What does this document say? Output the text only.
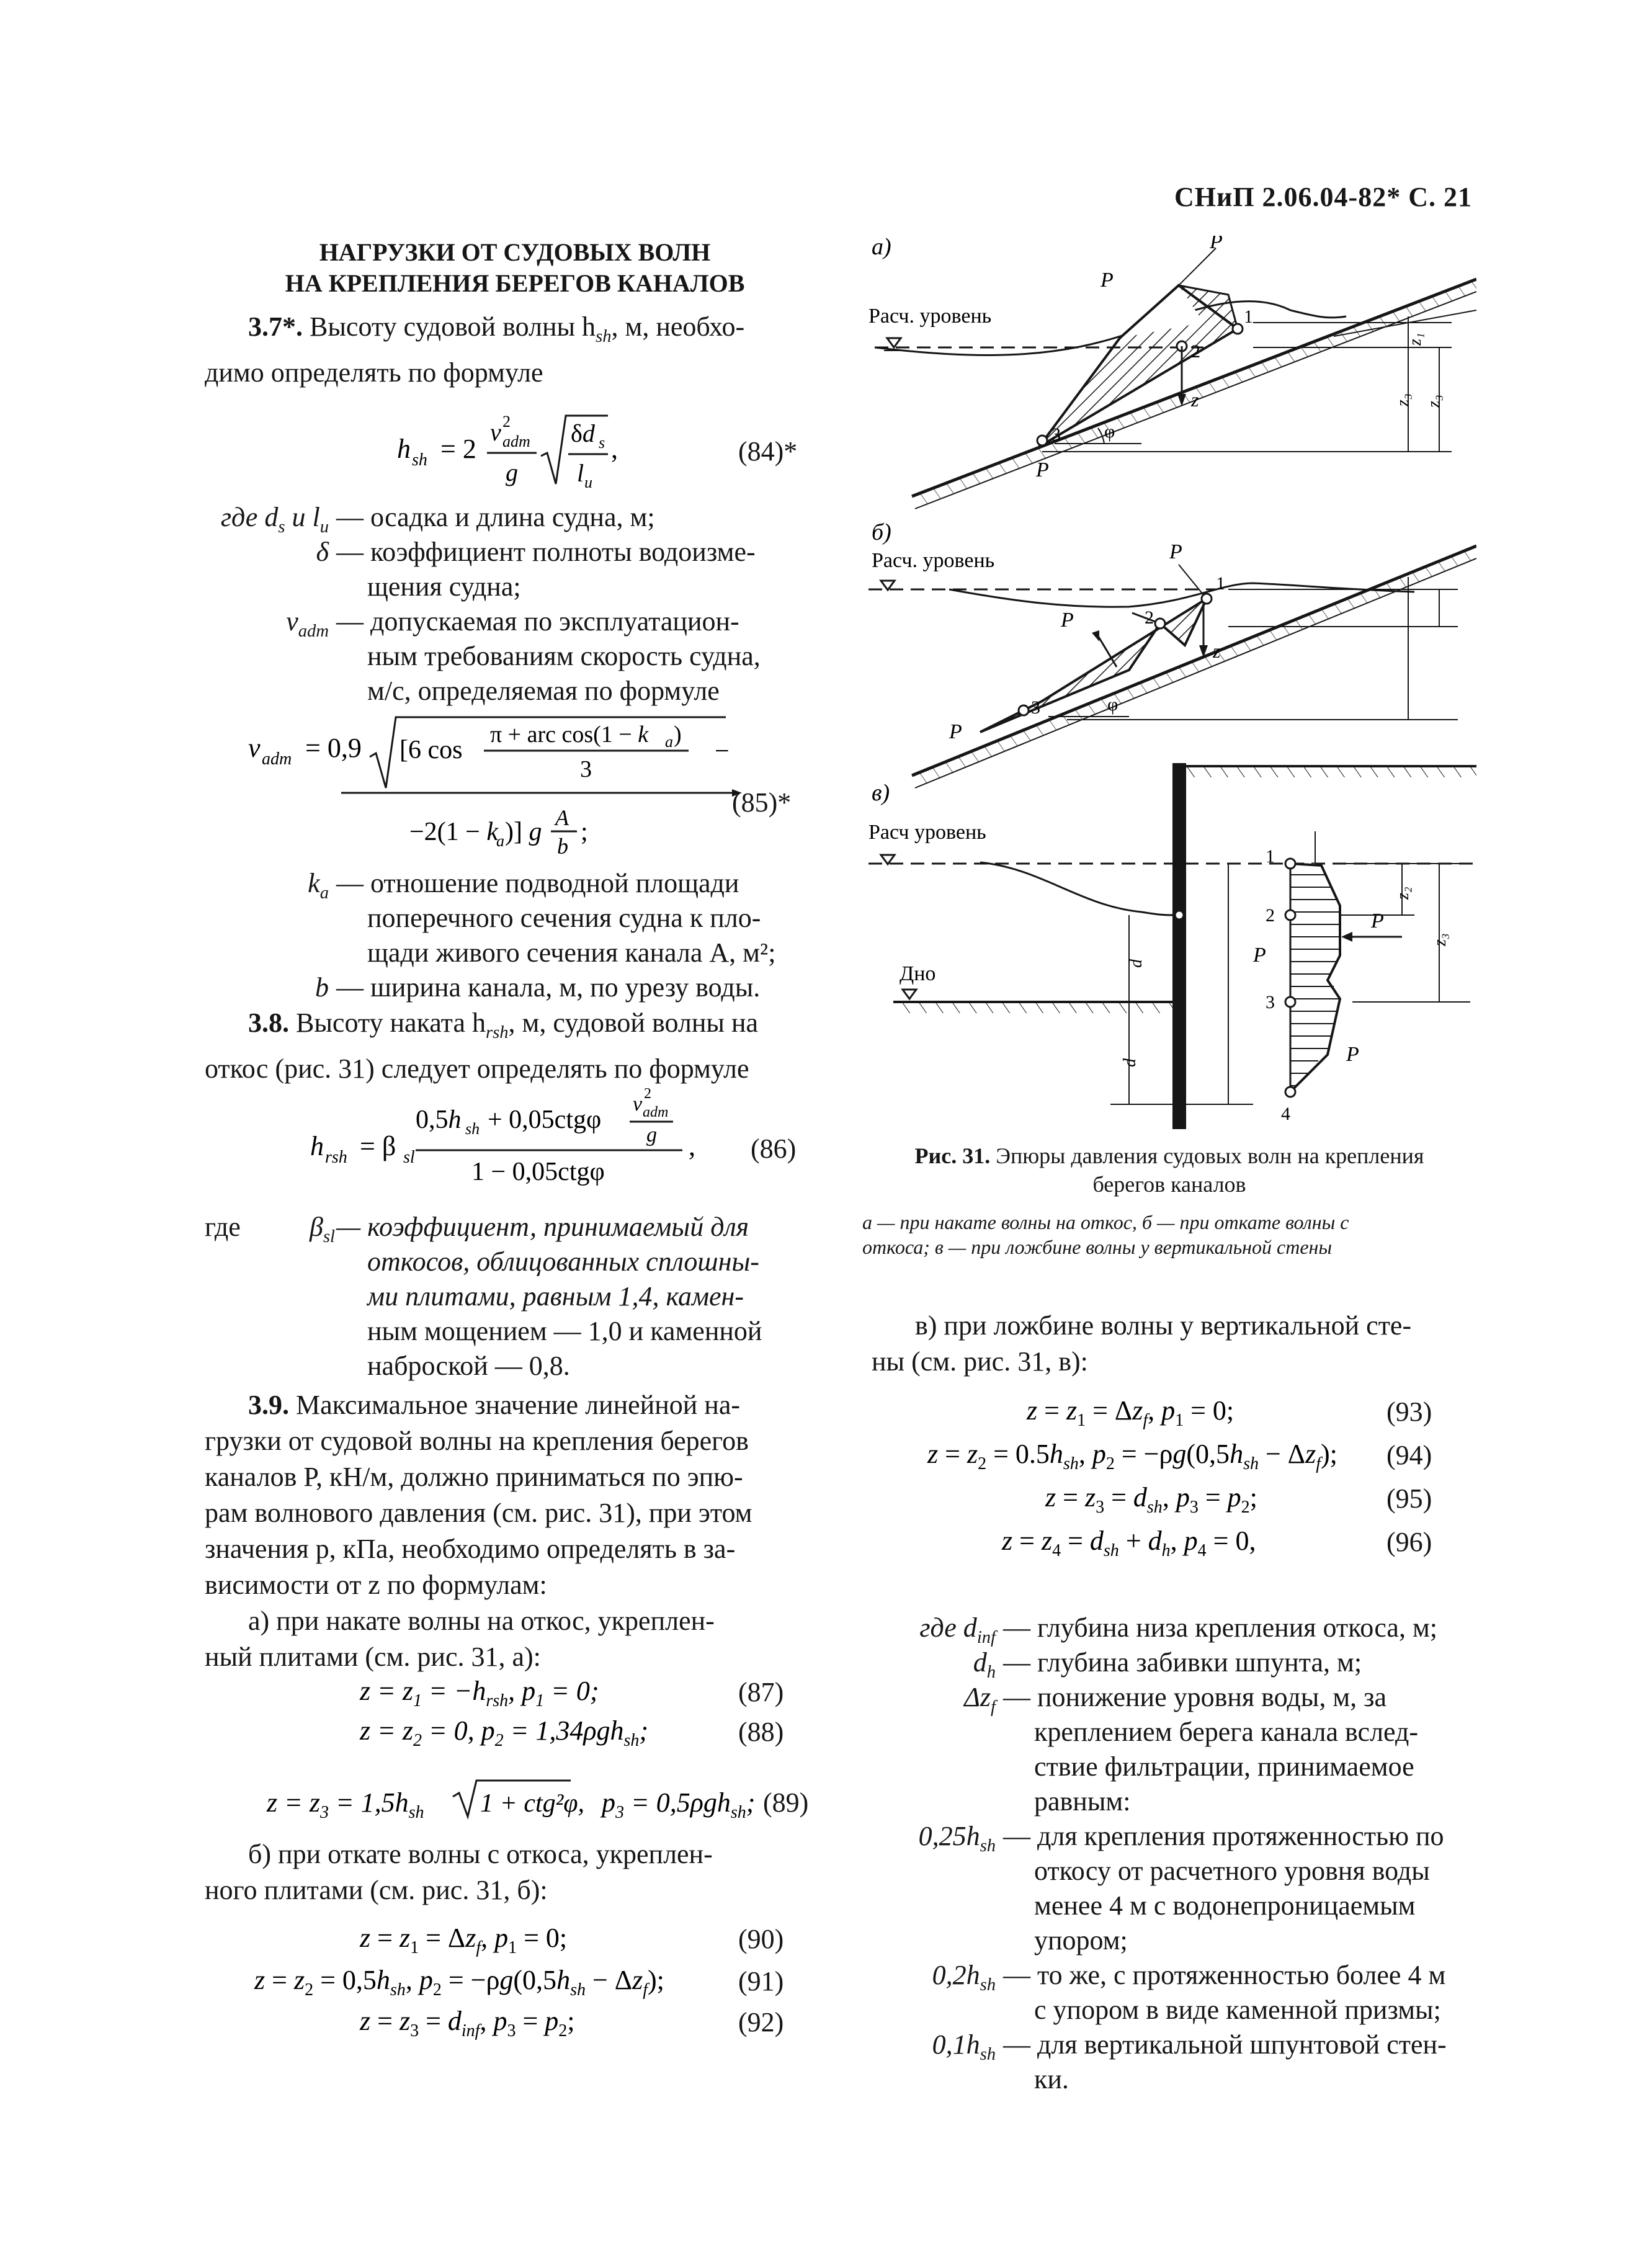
СНиП 2.06.04-82* С. 21
НАГРУЗКИ ОТ СУДОВЫХ ВОЛН
НА КРЕПЛЕНИЯ БЕРЕГОВ КАНАЛОВ
3.7*. Высоту судовой волны $h_{sh}$, м, необхо-
димо определять по формуле
h sh = 2
v 2
adm
g
δd s
l u
,	(84)*
где $d_s$ и $l_u$ — осадка и длина судна, м;
δ — коэффициент полноты водоизме-
щения судна;
$v_{adm}$ — допускаемая по эксплуатацион-
ным требованиям скорость судна,
м/с, определяемая по формуле
v adm = 0,9 [6 cos
π + arc cos(1 − k a )
3
−
−2(1 − k
a )] g A
b ;
(85)*
$k_a$ — отношение подводной площади
поперечного сечения судна к пло-
щади живого сечения канала A, м²;
b — ширина канала, м, по урезу воды.
3.8. Высоту наката $h_{rsh}$, м, судовой волны на
откос (рис. 31) следует определять по формуле
h rsh = β sl
0,5h sh + 0,05ctgφ
v 2
adm
g
1 − 0,05ctgφ
, (86)
где	$\beta_{sl}$ — коэффициент, принимаемый для
откосов, облицованных сплошны-
ми плитами, равным 1,4, камен-
ным мощением — 1,0 и каменной
наброской — 0,8.
3.9. Максимальное значение линейной на-
грузки от судовой волны на крепления берегов
каналов P, кН/м, должно приниматься по эпю-
рам волнового давления (см. рис. 31), при этом
значения p, кПа, необходимо определять в за-
висимости от z по формулам:
а) при накате волны на откос, укреплен-
ный плитами (см. рис. 31, а):
$z = z_1 = -h_{rsh}$, $p_1 = 0$;
$z = z_2 = 0$, $p_2 = 1,34\rho gh_{sh}$;
$z = z_3 = 1,5h_{sh}$ 1 + ctg²φ, $p_3 = 0,5\rho gh_{sh}$;
(87)
(88)
(89)
б) при откате волны с откоса, укреплен-
ного плитами (см. рис. 31, б):
$z = z_1 = \Delta z_f$, $p_1 = 0$;
$z = z_2 = 0,5h_{sh}$, $p_2 = -\rho g(0,5h_{sh} - \Delta z_f)$;
$z = z_3 = d_{inf}$, $p_3 = p_2$;
(90)
(91)
(92)
а)
Расч. уровень
P
P
P
1
2
3
z
φ
z₁
z₃ z₃
б)
Расч. уровень	P
P
P
1
2
3
z
φ
в)
Расч уровень
Дно	d
d
P
P
P
1
2
3
4
z₂
z₃
Рис. 31. Эпюры давления судовых волн на крепления
берегов каналов
а — при накате волны на откос, б — при откате волны с
откоса; в — при ложбине волны у вертикальной стены
в) при ложбине волны у вертикальной сте-
ны (см. рис. 31, в):
$z = z_1 = \Delta z_f$, $p_1 = 0$;
$z = z_2 = 0.5h_{sh}$, $p_2 = -\rho g(0,5h_{sh} - \Delta z_f)$;
$z = z_3 = d_{sh}$, $p_3 = p_2$;
$z = z_4 = d_{sh} + d_h$, $p_4 = 0$,
(93)
(94)
(95)
(96)
где $d_{inf}$ — глубина низа крепления откоса, м;
$d_h$ — глубина забивки шпунта, м;
$\Delta z_f$ — понижение уровня воды, м, за
креплением берега канала вслед-
ствие фильтрации, принимаемое
равным:
$0,25h_{sh}$ — для крепления протяженностью по
откосу от расчетного уровня воды
менее 4 м с водонепроницаемым
упором;
$0,2h_{sh}$ — то же, с протяженностью более 4 м
с упором в виде каменной призмы;
$0,1h_{sh}$ — для вертикальной шпунтовой стен-
ки.
